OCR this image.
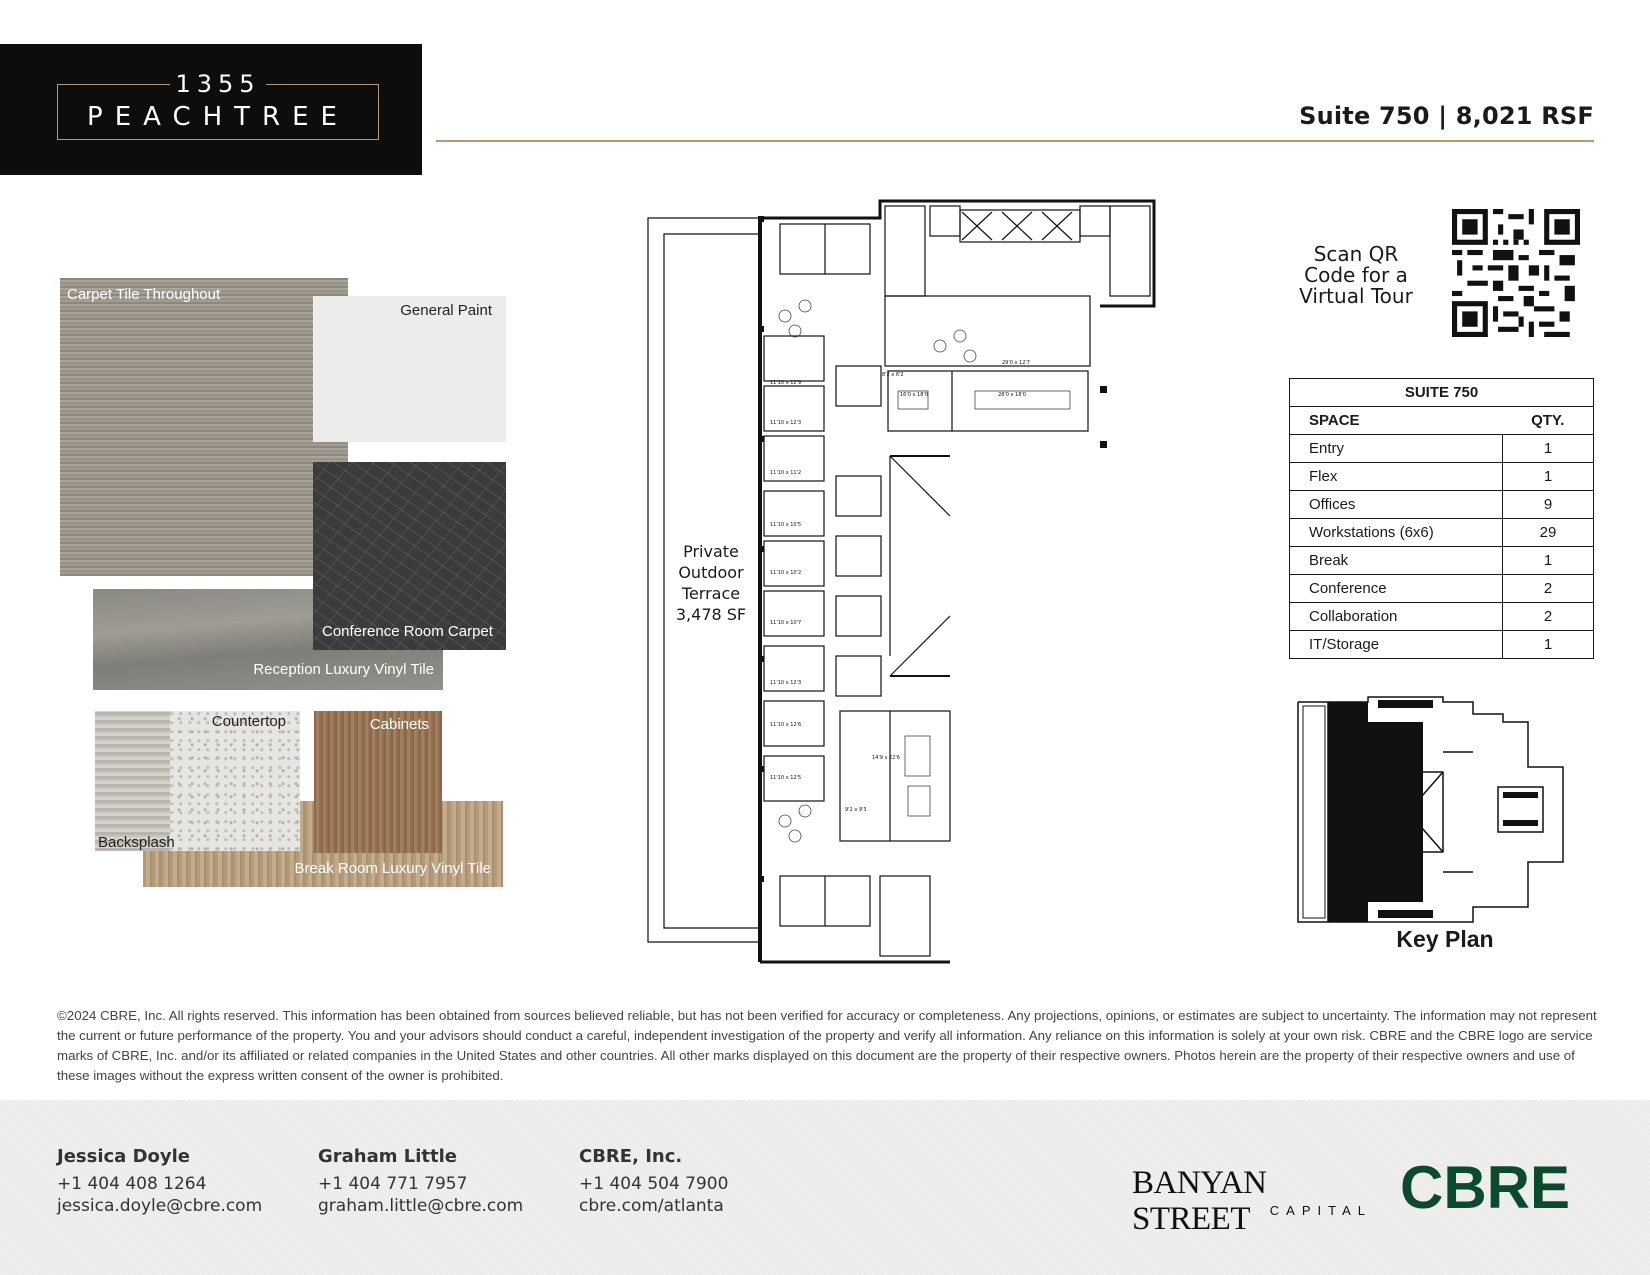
1355
PEACHTREE	Suite 750 | 8,021 RSF
Carpet Tile Throughout
General Paint
Reception Luxury Vinyl Tile
Conference Room Carpet
Break Room Luxury Vinyl Tile
Countertop
Backsplash
Cabinets
11'10 x 12'9
11'10 x 12'3
11'10 x 11'2
11'10 x 10'5
11'10 x 10'2
11'10 x 10'7
11'10 x 12'3
11'10 x 12'6
11'10 x 12'5
8'2 x 6'2
16'0 x 18'0	28'0 x 18'0
29'0 x 12'7
14'9 x 22'6
9'2 x 9'3
Private
Outdoor
Terrace
3,478 SF
Scan QR
Code for a
Virtual Tour
SUITE 750	
SPACE	QTY.
Entry	1
Flex	1
Offices	9
Workstations (6x6)	29
Break	1
Conference	2
Collaboration	2
IT/Storage	1
Key Plan
©2024 CBRE, Inc. All rights reserved. This information has been obtained from sources believed reliable, but has not been verified for accuracy or completeness. Any projections, opinions, or estimates are subject to uncertainty. The information may not represent the current or future performance of the property. You and your advisors should conduct a careful, independent investigation of the property and verify all information. Any reliance on this information is solely at your own risk. CBRE and the CBRE logo are service marks of CBRE, Inc. and/or its affiliated or related companies in the United States and other countries. All other marks displayed on this document are the property of their respective owners. Photos herein are the property of their respective owners and use of these images without the express written consent of the owner is prohibited.
Jessica Doyle
+1 404 408 1264
jessica.doyle@cbre.com
Graham Little
+1 404 771 7957
graham.little@cbre.com
CBRE, Inc.
+1 404 504 7900
cbre.com/atlanta
BANYAN STREET	CAPITAL CBRE
